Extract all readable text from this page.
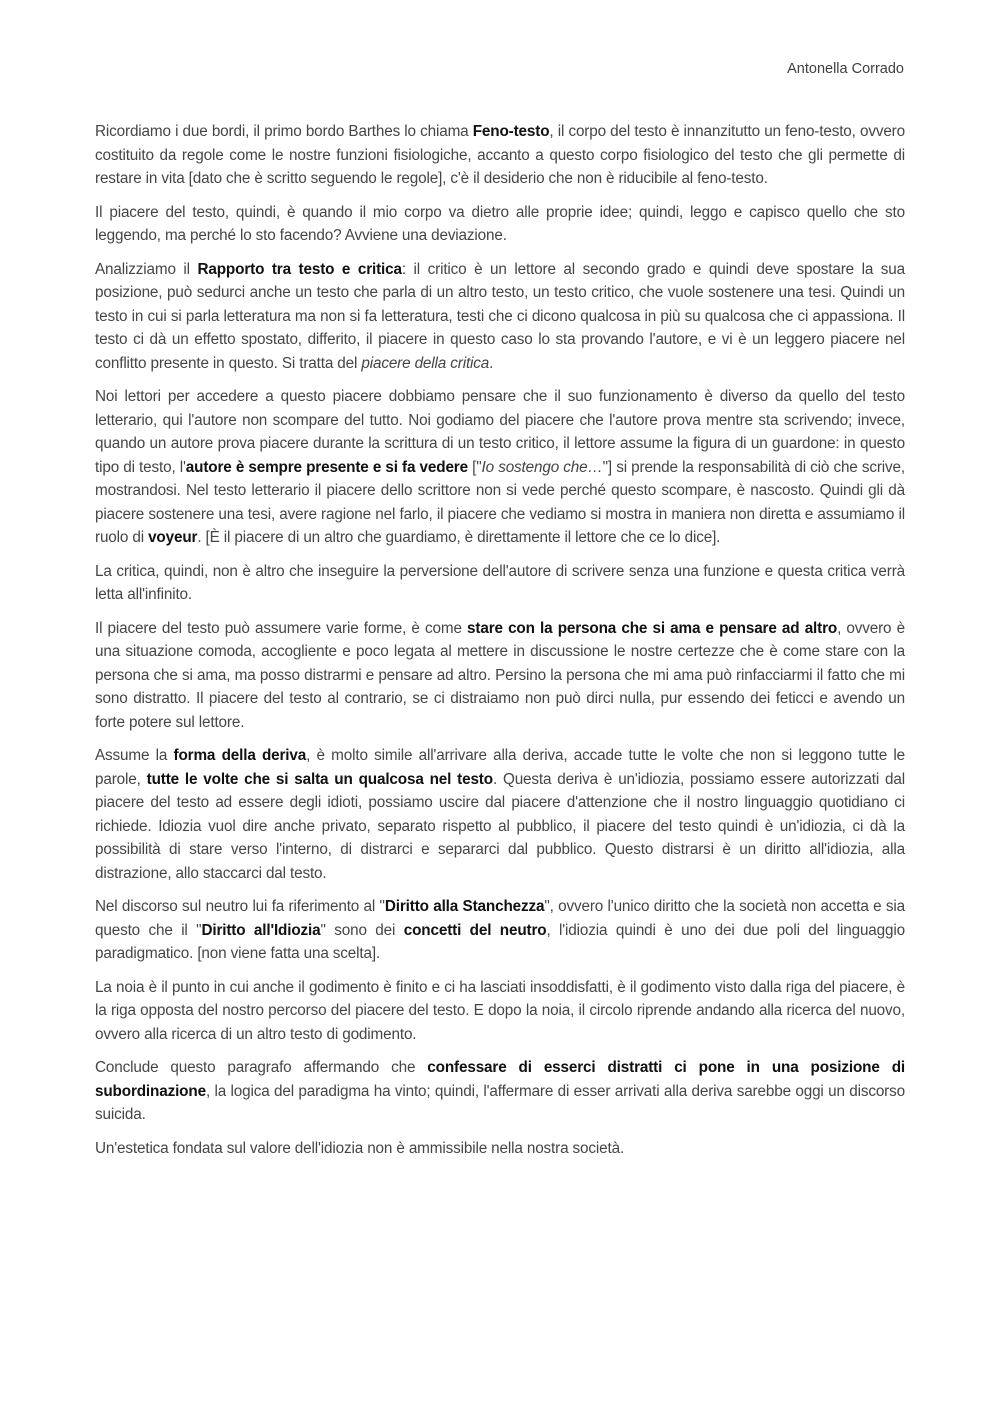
Antonella Corrado

Ricordiamo i due bordi, il primo bordo Barthes lo chiama Feno-testo, il corpo del testo è innanzitutto un feno-testo, ovvero costituito da regole come le nostre funzioni fisiologiche, accanto a questo corpo fisiologico del testo che gli permette di restare in vita [dato che è scritto seguendo le regole], c'è il desiderio che non è riducibile al feno-testo.

Il piacere del testo, quindi, è quando il mio corpo va dietro alle proprie idee; quindi, leggo e capisco quello che sto leggendo, ma perché lo sto facendo? Avviene una deviazione.

Analizziamo il Rapporto tra testo e critica: il critico è un lettore al secondo grado e quindi deve spostare la sua posizione, può sedurci anche un testo che parla di un altro testo, un testo critico, che vuole sostenere una tesi. Quindi un testo in cui si parla letteratura ma non si fa letteratura, testi che ci dicono qualcosa in più su qualcosa che ci appassiona. Il testo ci dà un effetto spostato, differito, il piacere in questo caso lo sta provando l'autore, e vi è un leggero piacere nel conflitto presente in questo. Si tratta del piacere della critica.

Noi lettori per accedere a questo piacere dobbiamo pensare che il suo funzionamento è diverso da quello del testo letterario, qui l'autore non scompare del tutto. Noi godiamo del piacere che l'autore prova mentre sta scrivendo; invece, quando un autore prova piacere durante la scrittura di un testo critico, il lettore assume la figura di un guardone: in questo tipo di testo, l'autore è sempre presente e si fa vedere ["Io sostengo che…"] si prende la responsabilità di ciò che scrive, mostrandosi. Nel testo letterario il piacere dello scrittore non si vede perché questo scompare, è nascosto. Quindi gli dà piacere sostenere una tesi, avere ragione nel farlo, il piacere che vediamo si mostra in maniera non diretta e assumiamo il ruolo di voyeur. [È il piacere di un altro che guardiamo, è direttamente il lettore che ce lo dice].

La critica, quindi, non è altro che inseguire la perversione dell'autore di scrivere senza una funzione e questa critica verrà letta all'infinito.

Il piacere del testo può assumere varie forme, è come stare con la persona che si ama e pensare ad altro, ovvero è una situazione comoda, accogliente e poco legata al mettere in discussione le nostre certezze che è come stare con la persona che si ama, ma posso distrarmi e pensare ad altro. Persino la persona che mi ama può rinfacciarmi il fatto che mi sono distratto. Il piacere del testo al contrario, se ci distraiamo non può dirci nulla, pur essendo dei feticci e avendo un forte potere sul lettore.

Assume la forma della deriva, è molto simile all'arrivare alla deriva, accade tutte le volte che non si leggono tutte le parole, tutte le volte che si salta un qualcosa nel testo. Questa deriva è un'idiozia, possiamo essere autorizzati dal piacere del testo ad essere degli idioti, possiamo uscire dal piacere d'attenzione che il nostro linguaggio quotidiano ci richiede. Idiozia vuol dire anche privato, separato rispetto al pubblico, il piacere del testo quindi è un'idiozia, ci dà la possibilità di stare verso l'interno, di distrarci e separarci dal pubblico. Questo distrarsi è un diritto all'idiozia, alla distrazione, allo staccarci dal testo.

Nel discorso sul neutro lui fa riferimento al "Diritto alla Stanchezza", ovvero l'unico diritto che la società non accetta e sia questo che il "Diritto all'Idiozia" sono dei concetti del neutro, l'idiozia quindi è uno dei due poli del linguaggio paradigmatico. [non viene fatta una scelta].

La noia è il punto in cui anche il godimento è finito e ci ha lasciati insoddisfatti, è il godimento visto dalla riga del piacere, è la riga opposta del nostro percorso del piacere del testo. E dopo la noia, il circolo riprende andando alla ricerca del nuovo, ovvero alla ricerca di un altro testo di godimento.

Conclude questo paragrafo affermando che confessare di esserci distratti ci pone in una posizione di subordinazione, la logica del paradigma ha vinto; quindi, l'affermare di esser arrivati alla deriva sarebbe oggi un discorso suicida.

Un'estetica fondata sul valore dell'idiozia non è ammissibile nella nostra società.
